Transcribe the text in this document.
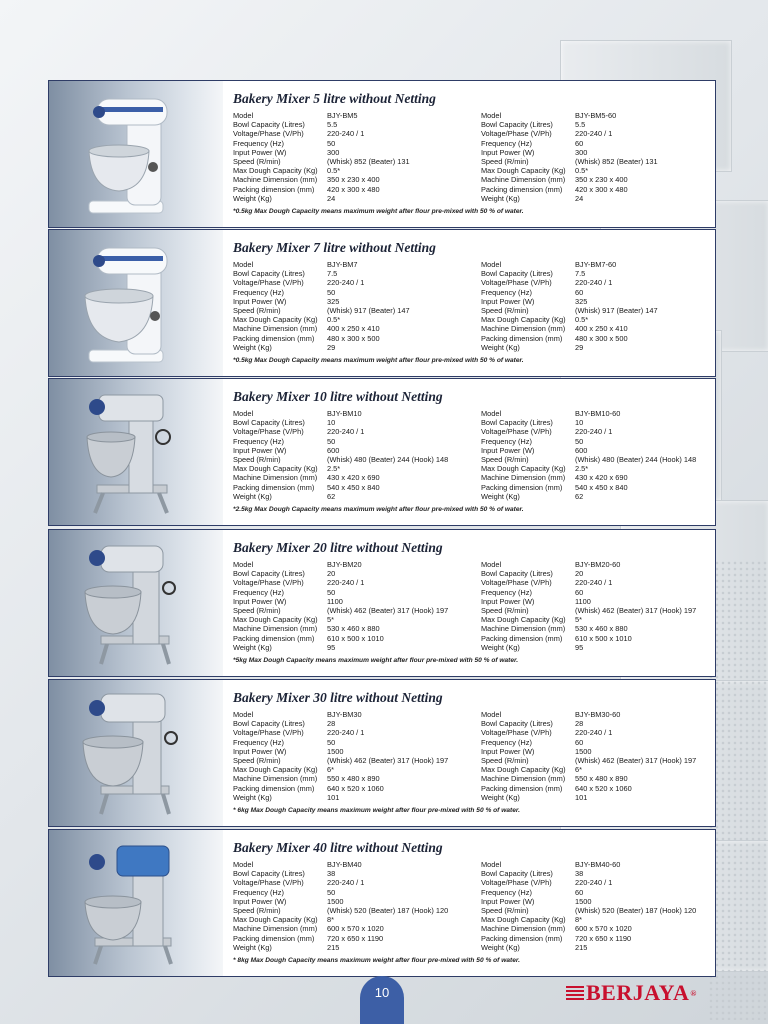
Bakery Mixer 5 litre without Netting
Model	BJY-BM5
Bowl Capacity (Litres)	5.5
Voltage/Phase (V/Ph)	220-240 / 1
Frequency (Hz)	50
Input Power (W)	300
Speed (R/min)	(Whisk) 852 (Beater) 131
Max Dough Capacity (Kg)	0.5*
Machine Dimension (mm)	350 x 230 x 400
Packing dimension (mm)	420 x 300 x 480
Weight (Kg)	24
Model	BJY-BM5-60
Bowl Capacity (Litres)	5.5
Voltage/Phase (V/Ph)	220-240 / 1
Frequency (Hz)	60
Input Power (W)	300
Speed (R/min)	(Whisk) 852 (Beater) 131
Max Dough Capacity (Kg)	0.5*
Machine Dimension (mm)	350 x 230 x 400
Packing dimension (mm)	420 x 300 x 480
Weight (Kg)	24
*0.5kg Max Dough Capacity means maximum weight after flour pre-mixed with 50 % of water.
Bakery Mixer 7 litre without Netting
Model	BJY-BM7
Bowl Capacity (Litres)	7.5
Voltage/Phase (V/Ph)	220-240 / 1
Frequency (Hz)	50
Input Power (W)	325
Speed (R/min)	(Whisk) 917 (Beater) 147
Max Dough Capacity (Kg)	0.5*
Machine Dimension (mm)	400 x 250 x 410
Packing dimension (mm)	480 x 300 x 500
Weight (Kg)	29
Model	BJY-BM7-60
Bowl Capacity (Litres)	7.5
Voltage/Phase (V/Ph)	220-240 / 1
Frequency (Hz)	60
Input Power (W)	325
Speed (R/min)	(Whisk) 917 (Beater) 147
Max Dough Capacity (Kg)	0.5*
Machine Dimension (mm)	400 x 250 x 410
Packing dimension (mm)	480 x 300 x 500
Weight (Kg)	29
*0.5kg Max Dough Capacity means maximum weight after flour pre-mixed with 50 % of water.
Bakery Mixer 10 litre without Netting
Model	BJY-BM10
Bowl Capacity (Litres)	10
Voltage/Phase (V/Ph)	220-240 / 1
Frequency (Hz)	50
Input Power (W)	600
Speed (R/min)	(Whisk) 480 (Beater) 244 (Hook) 148
Max Dough Capacity (Kg)	2.5*
Machine Dimension (mm)	430 x 420 x 690
Packing dimension (mm)	540 x 450 x 840
Weight (Kg)	62
Model	BJY-BM10-60
Bowl Capacity (Litres)	10
Voltage/Phase (V/Ph)	220-240 / 1
Frequency (Hz)	50
Input Power (W)	600
Speed (R/min)	(Whisk) 480 (Beater) 244 (Hook) 148
Max Dough Capacity (Kg)	2.5*
Machine Dimension (mm)	430 x 420 x 690
Packing dimension (mm)	540 x 450 x 840
Weight (Kg)	62
*2.5kg Max Dough Capacity means maximum weight after flour pre-mixed with 50 % of water.
Bakery Mixer 20 litre without Netting
Model	BJY-BM20
Bowl Capacity (Litres)	20
Voltage/Phase (V/Ph)	220-240 / 1
Frequency (Hz)	50
Input Power (W)	1100
Speed (R/min)	(Whisk) 462 (Beater) 317 (Hook) 197
Max Dough Capacity (Kg)	5*
Machine Dimension (mm)	530 x 460 x 880
Packing dimension (mm)	610 x 500 x 1010
Weight (Kg)	95
Model	BJY-BM20-60
Bowl Capacity (Litres)	20
Voltage/Phase (V/Ph)	220-240 / 1
Frequency (Hz)	60
Input Power (W)	1100
Speed (R/min)	(Whisk) 462 (Beater) 317 (Hook) 197
Max Dough Capacity (Kg)	5*
Machine Dimension (mm)	530 x 460 x 880
Packing dimension (mm)	610 x 500 x 1010
Weight (Kg)	95
*5kg Max Dough Capacity means maximum weight after flour pre-mixed with 50 % of water.
Bakery Mixer 30 litre without Netting
Model	BJY-BM30
Bowl Capacity (Litres)	28
Voltage/Phase (V/Ph)	220-240 / 1
Frequency (Hz)	50
Input Power (W)	1500
Speed (R/min)	(Whisk) 462 (Beater) 317 (Hook) 197
Max Dough Capacity (Kg)	6*
Machine Dimension (mm)	550 x 480 x 890
Packing dimension (mm)	640 x 520 x 1060
Weight (Kg)	101
Model	BJY-BM30-60
Bowl Capacity (Litres)	28
Voltage/Phase (V/Ph)	220-240 / 1
Frequency (Hz)	60
Input Power (W)	1500
Speed (R/min)	(Whisk) 462 (Beater) 317 (Hook) 197
Max Dough Capacity (Kg)	6*
Machine Dimension (mm)	550 x 480 x 890
Packing dimension (mm)	640 x 520 x 1060
Weight (Kg)	101
* 6kg Max Dough Capacity means maximum weight after flour pre-mixed with 50 % of water.
Bakery Mixer 40 litre without Netting
Model	BJY-BM40
Bowl Capacity (Litres)	38
Voltage/Phase (V/Ph)	220-240 / 1
Frequency (Hz)	50
Input Power (W)	1500
Speed (R/min)	(Whisk) 520 (Beater) 187 (Hook) 120
Max Dough Capacity (Kg)	8*
Machine Dimension (mm)	600 x 570 x 1020
Packing dimension (mm)	720 x 650 x 1190
Weight (Kg)	215
Model	BJY-BM40-60
Bowl Capacity (Litres)	38
Voltage/Phase (V/Ph)	220-240 / 1
Frequency (Hz)	60
Input Power (W)	1500
Speed (R/min)	(Whisk) 520 (Beater) 187 (Hook) 120
Max Dough Capacity (Kg)	8*
Machine Dimension (mm)	600 x 570 x 1020
Packing dimension (mm)	720 x 650 x 1190
Weight (Kg)	215
* 8kg Max Dough Capacity means maximum weight after flour pre-mixed with 50 % of water.
10	BERJAYA ®
